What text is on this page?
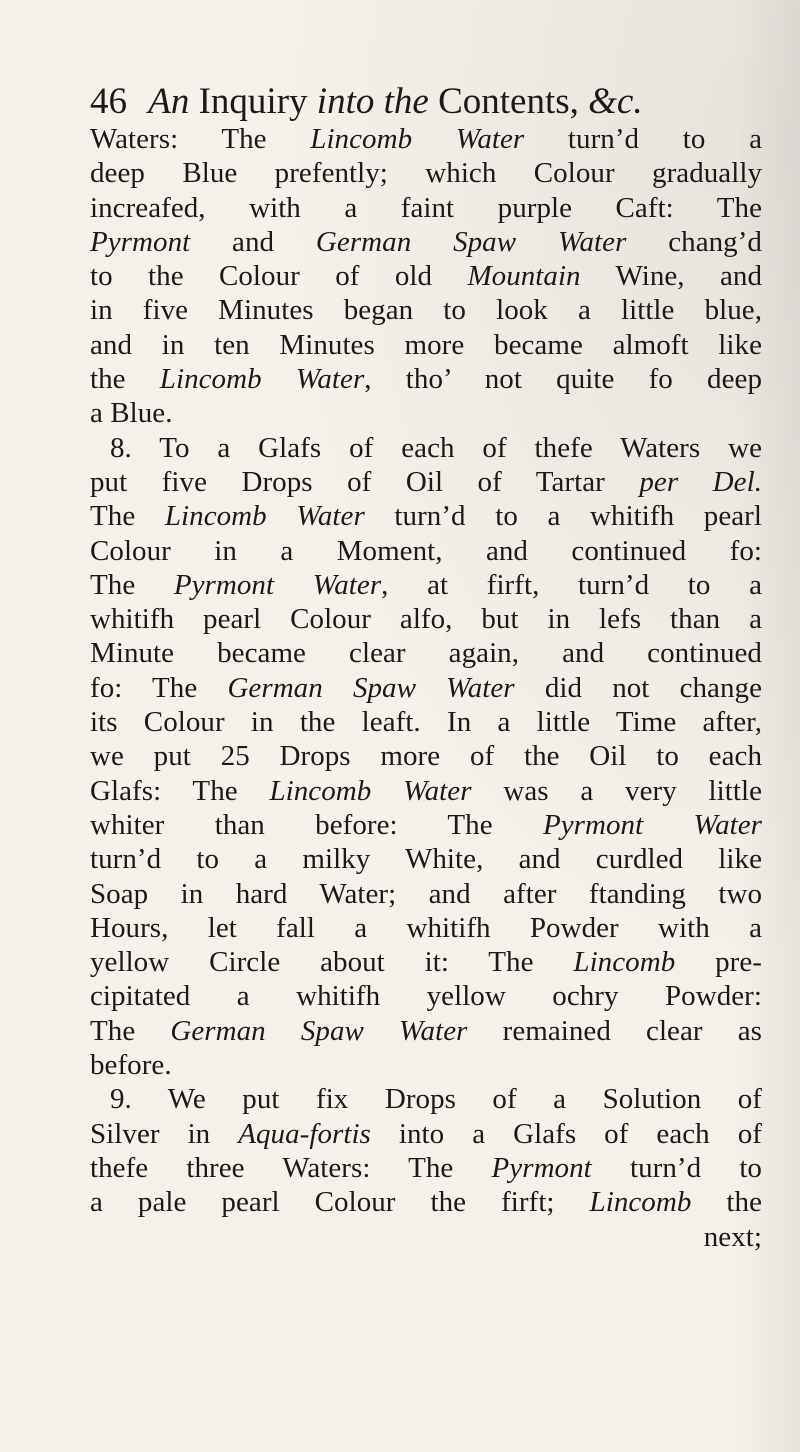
46 An Inquiry into the Contents, &c.
Waters: The Lincomb Water turn’d to a
deep Blue prefently; which Colour gradually
increafed, with a faint purple Caft: The
Pyrmont and German Spaw Water chang’d
to the Colour of old Mountain Wine, and
in five Minutes began to look a little blue,
and in ten Minutes more became almoft like
the Lincomb Water, tho’ not quite fo deep
a Blue.
8. To a Glafs of each of thefe Waters we
put five Drops of Oil of Tartar per Del.
The Lincomb Water turn’d to a whitifh pearl
Colour in a Moment, and continued fo:
The Pyrmont Water, at firft, turn’d to a
whitifh pearl Colour alfo, but in lefs than a
Minute became clear again, and continued
fo: The German Spaw Water did not change
its Colour in the leaft. In a little Time after,
we put 25 Drops more of the Oil to each
Glafs: The Lincomb Water was a very little
whiter than before: The Pyrmont Water
turn’d to a milky White, and curdled like
Soap in hard Water; and after ftanding two
Hours, let fall a whitifh Powder with a
yellow Circle about it: The Lincomb pre-
cipitated a whitifh yellow ochry Powder:
The German Spaw Water remained clear as
before.
9. We put fix Drops of a Solution of
Silver in Aqua-fortis into a Glafs of each of
thefe three Waters: The Pyrmont turn’d to
a pale pearl Colour the firft; Lincomb the
next;
